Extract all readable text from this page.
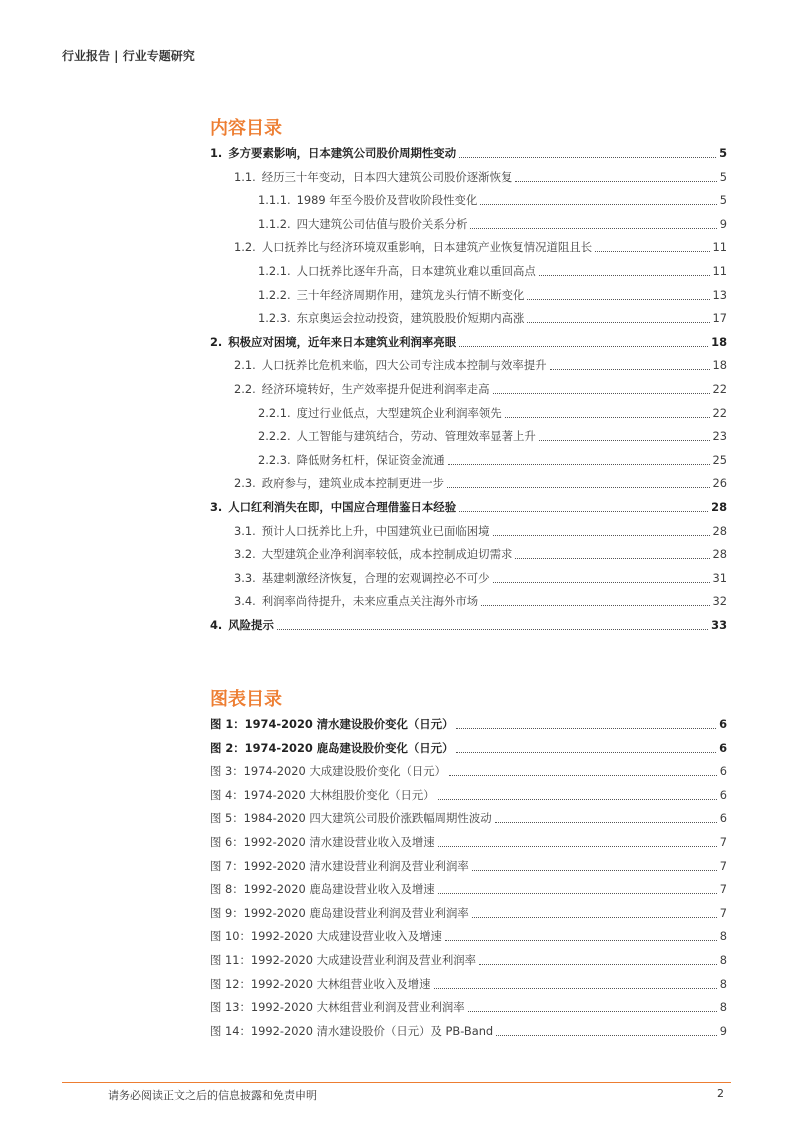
行业报告 | 行业专题研究
内容目录
1. 多方要素影响，日本建筑公司股价周期性变动	5
1.1. 经历三十年变动，日本四大建筑公司股价逐渐恢复	5
1.1.1. 1989 年至今股价及营收阶段性变化	5
1.1.2. 四大建筑公司估值与股价关系分析	9
1.2. 人口抚养比与经济环境双重影响，日本建筑产业恢复情况道阻且长	11
1.2.1. 人口抚养比逐年升高，日本建筑业难以重回高点	11
1.2.2. 三十年经济周期作用，建筑龙头行情不断变化	13
1.2.3. 东京奥运会拉动投资，建筑股股价短期内高涨	17
2. 积极应对困境，近年来日本建筑业利润率亮眼	18
2.1. 人口抚养比危机来临，四大公司专注成本控制与效率提升	18
2.2. 经济环境转好，生产效率提升促进利润率走高	22
2.2.1. 度过行业低点，大型建筑企业利润率领先	22
2.2.2. 人工智能与建筑结合，劳动、管理效率显著上升	23
2.2.3. 降低财务杠杆，保证资金流通	25
2.3. 政府参与，建筑业成本控制更进一步	26
3. 人口红利消失在即，中国应合理借鉴日本经验	28
3.1. 预计人口抚养比上升，中国建筑业已面临困境	28
3.2. 大型建筑企业净利润率较低，成本控制成迫切需求	28
3.3. 基建刺激经济恢复，合理的宏观调控必不可少	31
3.4. 利润率尚待提升，未来应重点关注海外市场	32
4. 风险提示	33
图表目录
图 1：1974-2020 清水建设股价变化（日元）	6
图 2：1974-2020 鹿岛建设股价变化（日元）	6
图 3：1974-2020 大成建设股价变化（日元）	6
图 4：1974-2020 大林组股价变化（日元）	6
图 5：1984-2020 四大建筑公司股价涨跌幅周期性波动	6
图 6：1992-2020 清水建设营业收入及增速	7
图 7：1992-2020 清水建设营业利润及营业利润率	7
图 8：1992-2020 鹿岛建设营业收入及增速	7
图 9：1992-2020 鹿岛建设营业利润及营业利润率	7
图 10：1992-2020 大成建设营业收入及增速	8
图 11：1992-2020 大成建设营业利润及营业利润率	8
图 12：1992-2020 大林组营业收入及增速	8
图 13：1992-2020 大林组营业利润及营业利润率	8
图 14：1992-2020 清水建设股价（日元）及 PB-Band	9
请务必阅读正文之后的信息披露和免责申明	2
